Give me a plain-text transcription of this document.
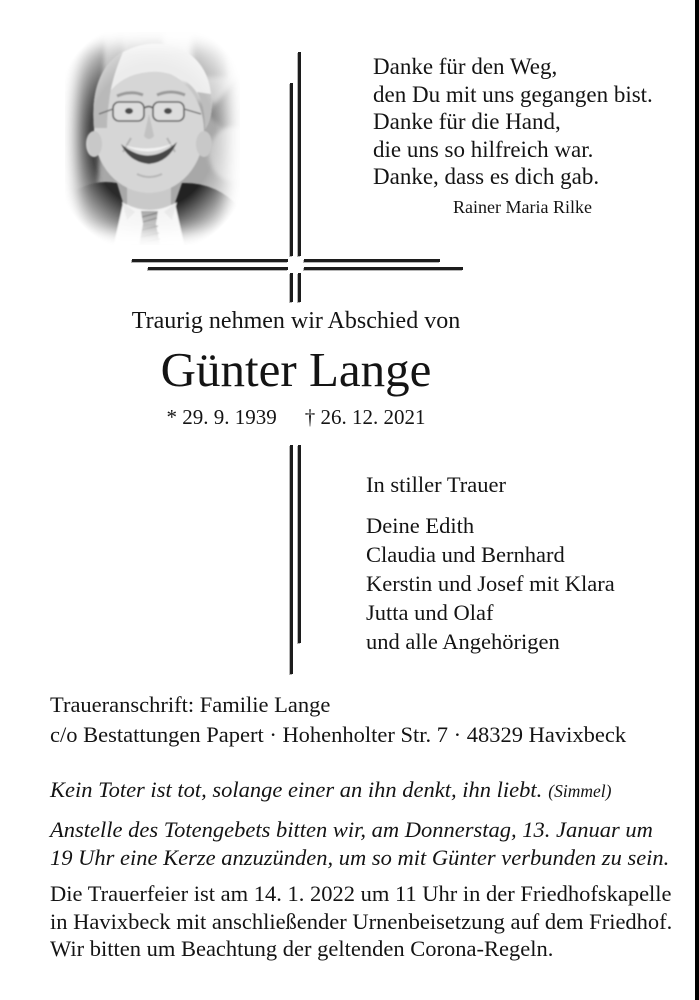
Danke für den Weg,
den Du mit uns gegangen bist.
Danke für die Hand,
die uns so hilfreich war.
Danke, dass es dich gab.
Rainer Maria Rilke
Traurig nehmen wir Abschied von
Günter Lange
* 29. 9. 1939 † 26. 12. 2021
In stiller Trauer
Deine Edith
Claudia und Bernhard
Kerstin und Josef mit Klara
Jutta und Olaf
und alle Angehörigen
Traueranschrift: Familie Lange
c/o Bestattungen Papert · Hohenholter Str. 7 · 48329 Havixbeck
Kein Toter ist tot, solange einer an ihn denkt, ihn liebt. (Simmel)
Anstelle des Totengebets bitten wir, am Donnerstag, 13. Januar um
19 Uhr eine Kerze anzuzünden, um so mit Günter verbunden zu sein.
Die Trauerfeier ist am 14. 1. 2022 um 11 Uhr in der Friedhofskapelle
in Havixbeck mit anschließender Urnenbeisetzung auf dem Friedhof.
Wir bitten um Beachtung der geltenden Corona-Regeln.
